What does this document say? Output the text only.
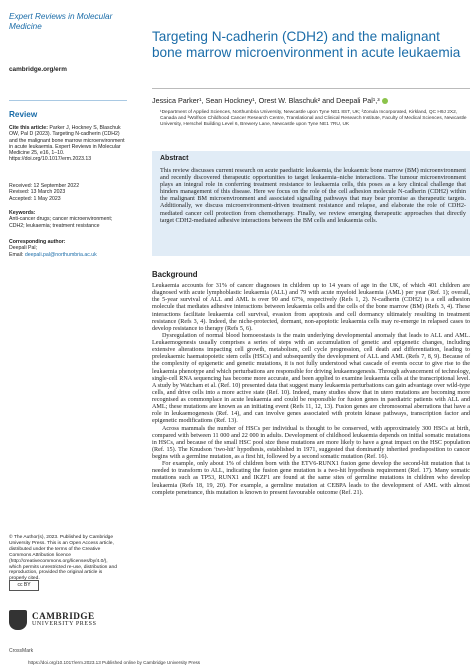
Expert Reviews in Molecular Medicine
cambridge.org/erm
Review
Cite this article: Parker J, Hockney S, Blaschuk OW, Pal D (2023). Targeting N-cadherin (CDH2) and the malignant bone marrow microenvironment in acute leukaemia. Expert Reviews in Molecular Medicine 25, e16, 1–10. https://doi.org/10.1017/erm.2023.13
Received: 12 September 2022
Revised: 13 March 2023
Accepted: 1 May 2023
Keywords:
Anti-cancer drugs; cancer microenvironment; CDH2; leukaemia; treatment resistance
Corresponding author:
Deepali Pal;
Email: deepali.pal@northumbria.ac.uk
© The Author(s), 2023. Published by Cambridge University Press. This is an Open Access article, distributed under the terms of the Creative Commons Attribution licence (http://creativecommons.org/licenses/by/4.0/), which permits unrestricted re-use, distribution and reproduction, provided the original article is properly cited.
cc BY
CAMBRIDGE
UNIVERSITY PRESS
CrossMark
https://doi.org/10.1017/erm.2023.13 Published online by Cambridge University Press
Targeting N-cadherin (CDH2) and the malignant bone marrow microenvironment in acute leukaemia
Jessica Parker¹, Sean Hockney¹, Orest W. Blaschuk² and Deepali Pal¹,³
¹Department of Applied Sciences, Northumbria University, Newcastle upon Tyne NE1 8ST, UK; ²Zonula Incorporated, Kirkland, QC H9J 2X2, Canada and ³Wolfson Childhood Cancer Research Centre, Translational and Clinical Research Institute, Faculty of Medical Sciences, Newcastle University, Herschel Building Level 6, Brewery Lane, Newcastle upon Tyne NE1 7RU, UK
Abstract
This review discusses current research on acute paediatric leukaemia, the leukaemic bone marrow (BM) microenvironment and recently discovered therapeutic opportunities to target leukaemia–niche interactions. The tumour microenvironment plays an integral role in conferring treatment resistance to leukaemia cells, this poses as a key clinical challenge that hinders management of this disease. Here we focus on the role of the cell adhesion molecule N-cadherin (CDH2) within the malignant BM microenvironment and associated signalling pathways that may bear promise as therapeutic targets. Additionally, we discuss microenvironment-driven treatment resistance and relapse, and elaborate the role of CDH2-mediated cancer cell protection from chemotherapy. Finally, we review emerging therapeutic approaches that directly target CDH2-mediated adhesive interactions between the BM cells and leukaemia cells.
Background

Leukaemia accounts for 31% of cancer diagnoses in children up to 14 years of age in the UK, of which 401 children are diagnosed with acute lymphoblastic leukaemia (ALL) and 79 with acute myeloid leukaemia (AML) per year (Ref. 1); overall, the 5-year survival of ALL and AML is over 90 and 67%, respectively (Refs 1, 2). N-cadherin (CDH2) is a cell adhesion molecule that mediates adhesive interactions between leukaemia cells and the cells of the bone marrow (BM) (Refs 3, 4). These interactions facilitate leukaemia cell survival, evasion from apoptosis and cell dormancy ultimately resulting in treatment resistance (Refs 3, 4). Indeed, the niche-protected, dormant, non-apoptotic leukaemia cells may re-emerge in relapsed cases to develop resistance to therapy (Refs 5, 6).

Dysregulation of normal blood homoeostasis is the main underlying developmental anomaly that leads to ALL and AML. Leukaemogenesis usually comprises a series of steps with an accumulation of genetic and epigenetic changes, including extensive alterations impacting cell growth, metabolism, cell cycle progression, cell death and differentiation, leading to preleukaemic haematopoietic stem cells (HSCs) and subsequently the development of ALL and AML (Refs 7, 8, 9). Because of the complexity of epigenetic and genetic mutations, it is not fully understood what cascade of events occur to give rise to the leukaemia phenotype and which perturbations are responsible for driving leukaemogenesis. Through advancement of technology, single-cell RNA sequencing has become more accurate, and been applied to examine leukaemia cells at the transcriptional level. A study by Watcham et al. (Ref. 10) presented data that suggest many leukaemia perturbations can gain advantage over wild-type cells, and drive cells into a more active state (Ref. 10). Indeed, many studies show that in utero mutations are becoming more recognised as commonplace in acute leukaemia and could be responsible for fusion genes in paediatric patients with ALL and AML; these mutations are known as an initiating event (Refs 11, 12, 13). Fusion genes are chromosomal aberrations that have a role in leukaemogenesis (Ref. 14), and can involve genes associated with protein kinase pathways, transcription factor and epigenetic modifications (Ref. 13).

Across mammals the number of HSCs per individual is thought to be conserved, with approximately 300 HSCs at birth, compared with between 11 000 and 22 000 in adults. Development of childhood leukaemia depends on initial somatic mutations in HSCs, and because of the small HSC pool size these mutations are more likely to have a great impact on the HSC population (Ref. 15). The Knudson ‘two-hit’ hypothesis, established in 1971, suggested that dominantly inherited predisposition to cancer begins with a germline mutation, as a first hit, followed by a second somatic mutation (Ref. 16).

For example, only about 1% of children born with the ETV6-RUNX1 fusion gene develop the second-hit mutation that is needed to transform to ALL, indicating the fusion gene mutation is a two-hit hypothesis requirement (Ref. 17). Many somatic mutations such as TP53, RUNX1 and IKZF1 are found at the same sites of germline mutations in children who develop leukaemia (Refs 18, 19, 20). For example, a germline mutation at CEBPA leads to the development of AML with almost complete penetrance, this mutation is known to present favourable outcome (Ref. 21).
